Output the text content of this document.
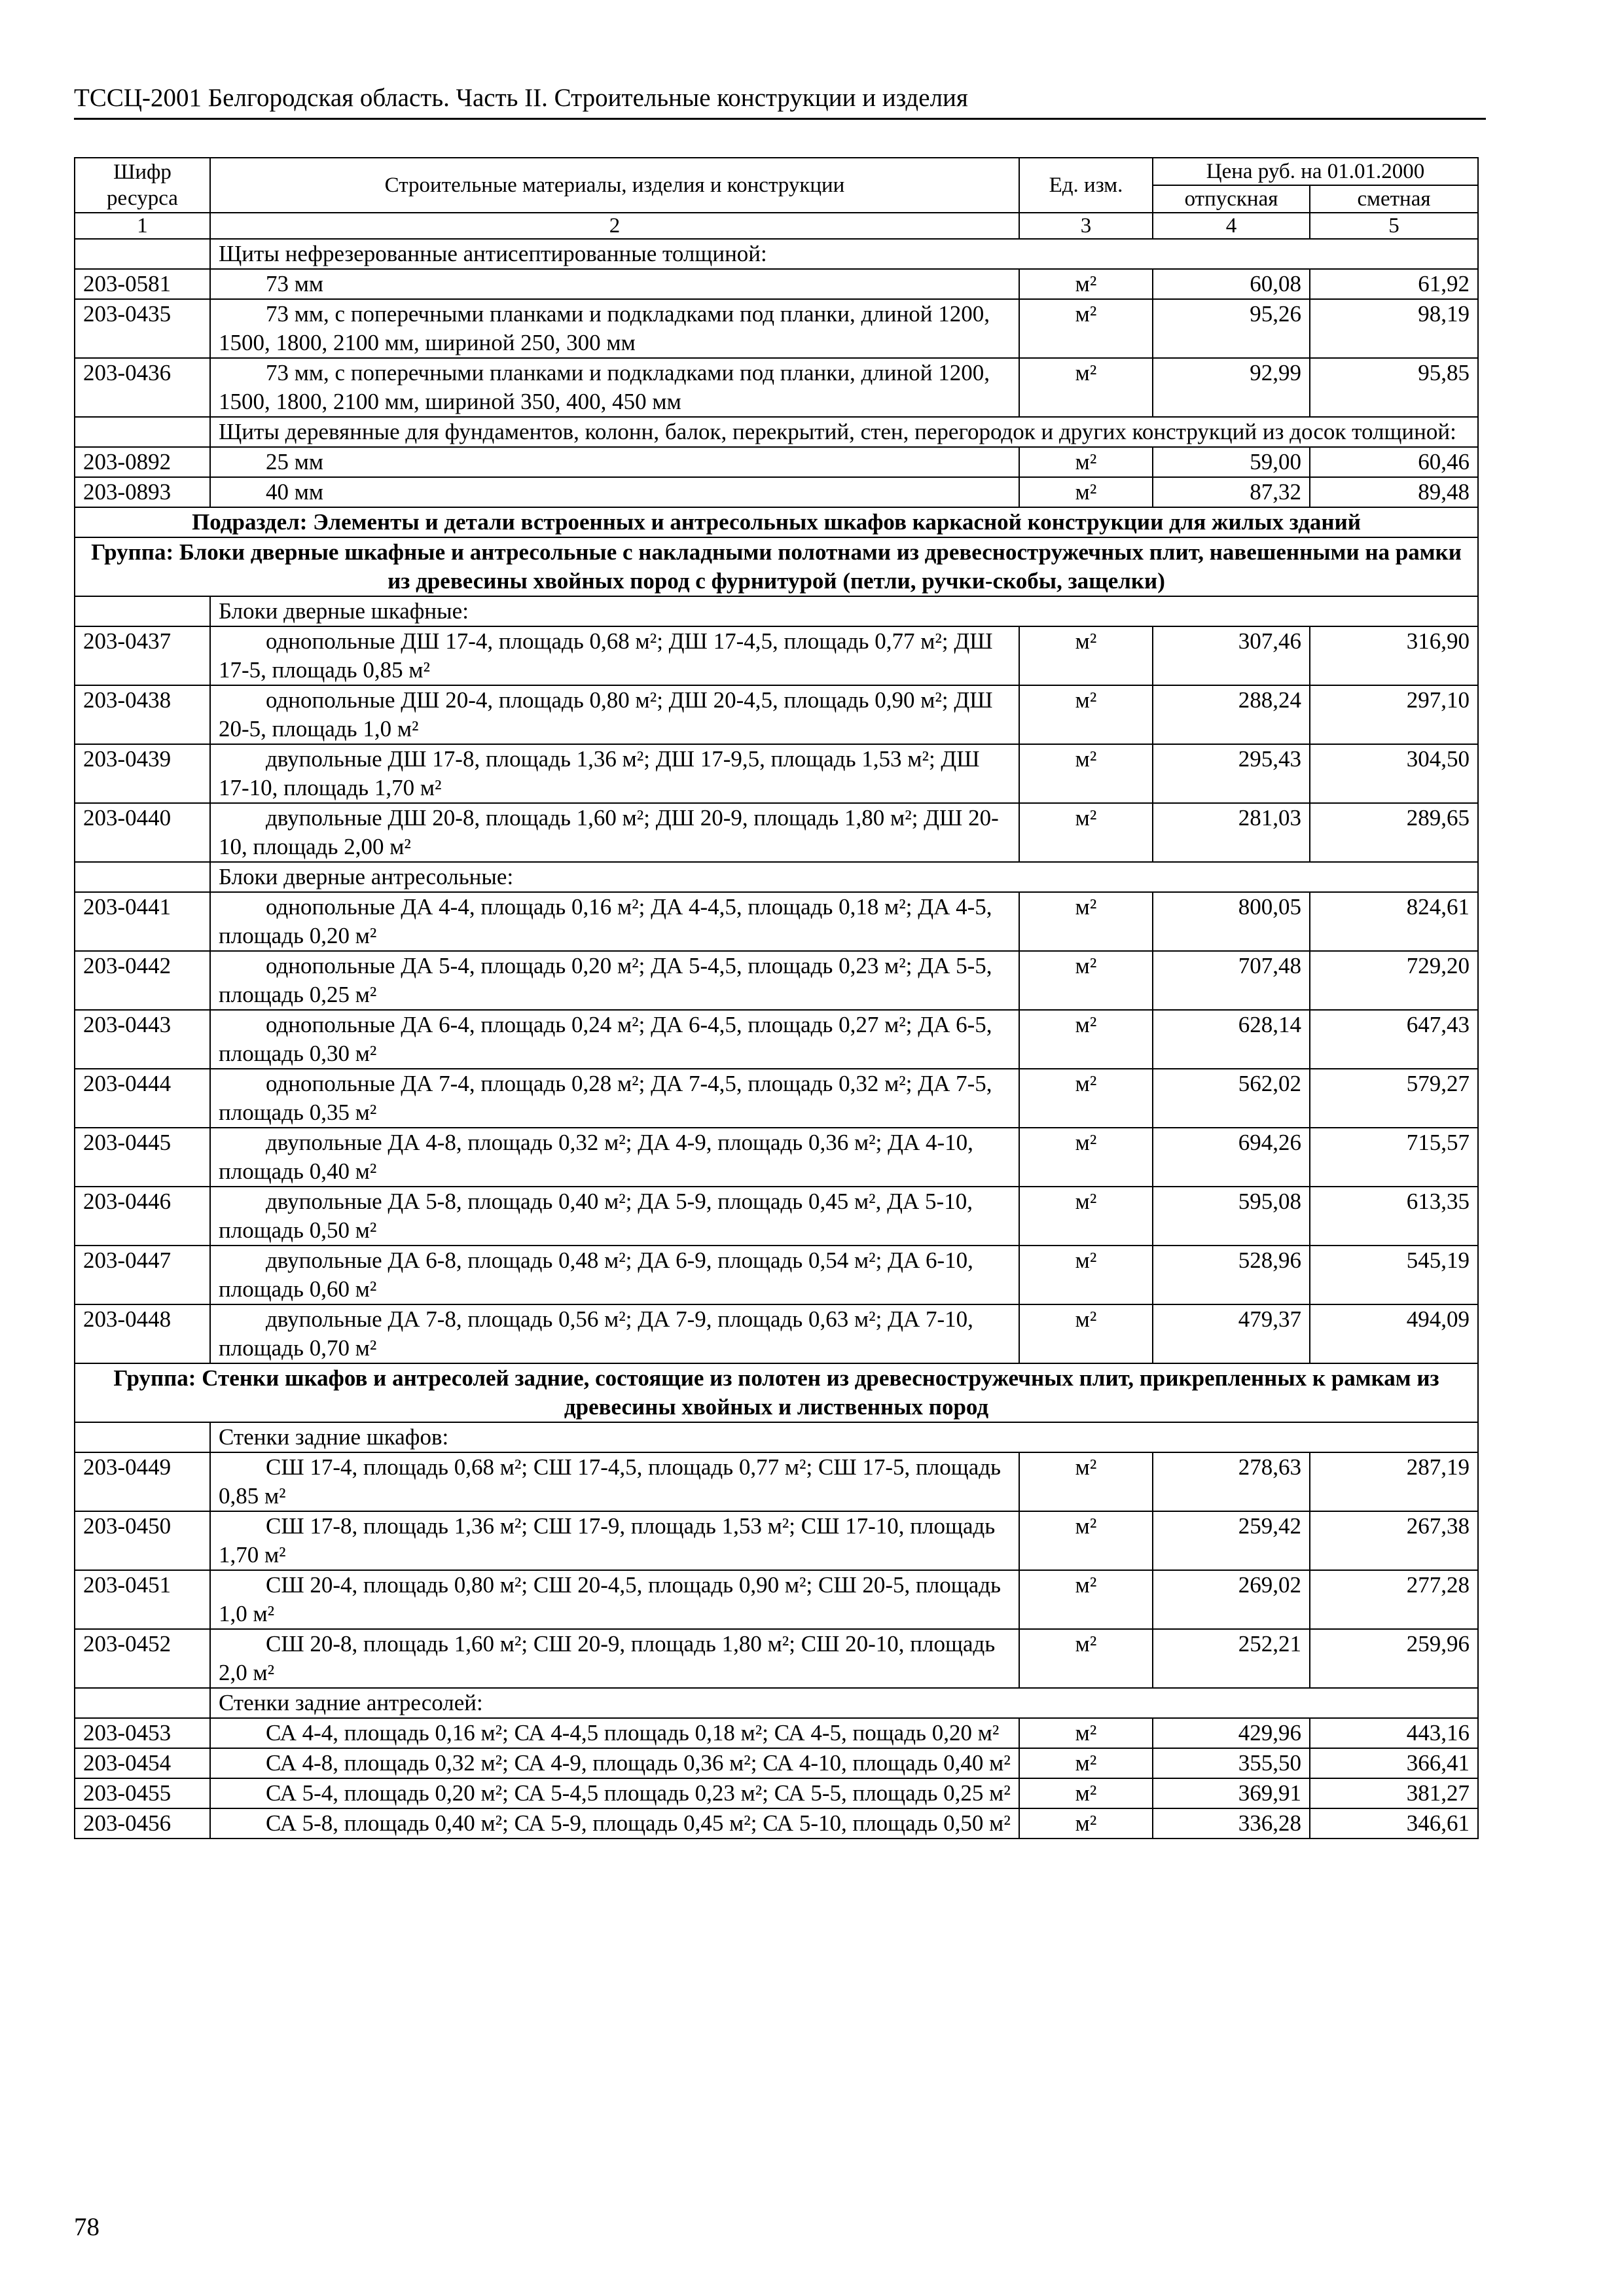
ТССЦ-2001 Белгородская область. Часть II. Строительные конструкции и изделия
Шифр ресурса	Строительные материалы, изделия и конструкции	Ед. изм.	Цена руб. на 01.01.2000	
			отпускная	сметная
1	2	3	4	5
	Щиты нефрезерованные антисептированные толщиной:			
203-0581	73 мм	м²	60,08	61,92
203-0435	73 мм, с поперечными планками и подкладками под планки, длиной 1200, 1500, 1800, 2100 мм, шириной 250, 300 мм	м²	95,26	98,19
203-0436	73 мм, с поперечными планками и подкладками под планки, длиной 1200, 1500, 1800, 2100 мм, шириной 350, 400, 450 мм	м²	92,99	95,85
	Щиты деревянные для фундаментов, колонн, балок, перекрытий, стен, перегородок и других конструкций из досок толщиной:			
203-0892	25 мм	м²	59,00	60,46
203-0893	40 мм	м²	87,32	89,48
Подраздел: Элементы и детали встроенных и антресольных шкафов каркасной конструкции для жилых зданий				
Группа: Блоки дверные шкафные и антресольные с накладными полотнами из древесностружечных плит, навешенными на рамки из древесины хвойных пород с фурнитурой (петли, ручки-скобы, защелки)				
	Блоки дверные шкафные:			
203-0437	однопольные ДШ 17-4, площадь 0,68 м²; ДШ 17-4,5, площадь 0,77 м²; ДШ 17-5, площадь 0,85 м²	м²	307,46	316,90
203-0438	однопольные ДШ 20-4, площадь 0,80 м²; ДШ 20-4,5, площадь 0,90 м²; ДШ 20-5, площадь 1,0 м²	м²	288,24	297,10
203-0439	двупольные ДШ 17-8, площадь 1,36 м²; ДШ 17-9,5, площадь 1,53 м²; ДШ 17-10, площадь 1,70 м²	м²	295,43	304,50
203-0440	двупольные ДШ 20-8, площадь 1,60 м²; ДШ 20-9, площадь 1,80 м²; ДШ 20-10, площадь 2,00 м²	м²	281,03	289,65
	Блоки дверные антресольные:			
203-0441	однопольные ДА 4-4, площадь 0,16 м²; ДА 4-4,5, площадь 0,18 м²; ДА 4-5, площадь 0,20 м²	м²	800,05	824,61
203-0442	однопольные ДА 5-4, площадь 0,20 м²; ДА 5-4,5, площадь 0,23 м²; ДА 5-5, площадь 0,25 м²	м²	707,48	729,20
203-0443	однопольные ДА 6-4, площадь 0,24 м²; ДА 6-4,5, площадь 0,27 м²; ДА 6-5, площадь 0,30 м²	м²	628,14	647,43
203-0444	однопольные ДА 7-4, площадь 0,28 м²; ДА 7-4,5, площадь 0,32 м²; ДА 7-5, площадь 0,35 м²	м²	562,02	579,27
203-0445	двупольные ДА 4-8, площадь 0,32 м²; ДА 4-9, площадь 0,36 м²; ДА 4-10, площадь 0,40 м²	м²	694,26	715,57
203-0446	двупольные ДА 5-8, площадь 0,40 м²; ДА 5-9, площадь 0,45 м², ДА 5-10, площадь 0,50 м²	м²	595,08	613,35
203-0447	двупольные ДА 6-8, площадь 0,48 м²; ДА 6-9, площадь 0,54 м²; ДА 6-10, площадь 0,60 м²	м²	528,96	545,19
203-0448	двупольные ДА 7-8, площадь 0,56 м²; ДА 7-9, площадь 0,63 м²; ДА 7-10, площадь 0,70 м²	м²	479,37	494,09
Группа: Стенки шкафов и антресолей задние, состоящие из полотен из древесностружечных плит, прикрепленных к рамкам из древесины хвойных и лиственных пород				
	Стенки задние шкафов:			
203-0449	СШ 17-4, площадь 0,68 м²; СШ 17-4,5, площадь 0,77 м²; СШ 17-5, площадь 0,85 м²	м²	278,63	287,19
203-0450	СШ 17-8, площадь 1,36 м²; СШ 17-9, площадь 1,53 м²; СШ 17-10, площадь 1,70 м²	м²	259,42	267,38
203-0451	СШ 20-4, площадь 0,80 м²; СШ 20-4,5, площадь 0,90 м²; СШ 20-5, площадь 1,0 м²	м²	269,02	277,28
203-0452	СШ 20-8, площадь 1,60 м²; СШ 20-9, площадь 1,80 м²; СШ 20-10, площадь 2,0 м²	м²	252,21	259,96
	Стенки задние антресолей:			
203-0453	СА 4-4, площадь 0,16 м²; СА 4-4,5 площадь 0,18 м²; СА 4-5, пощадь 0,20 м²	м²	429,96	443,16
203-0454	СА 4-8, площадь 0,32 м²; СА 4-9, площадь 0,36 м²; СА 4-10, площадь 0,40 м²	м²	355,50	366,41
203-0455	СА 5-4, площадь 0,20 м²; СА 5-4,5 площадь 0,23 м²; СА 5-5, площадь 0,25 м²	м²	369,91	381,27
203-0456	СА 5-8, площадь 0,40 м²; СА 5-9, площадь 0,45 м²; СА 5-10, площадь 0,50 м²	м²	336,28	346,61
78
